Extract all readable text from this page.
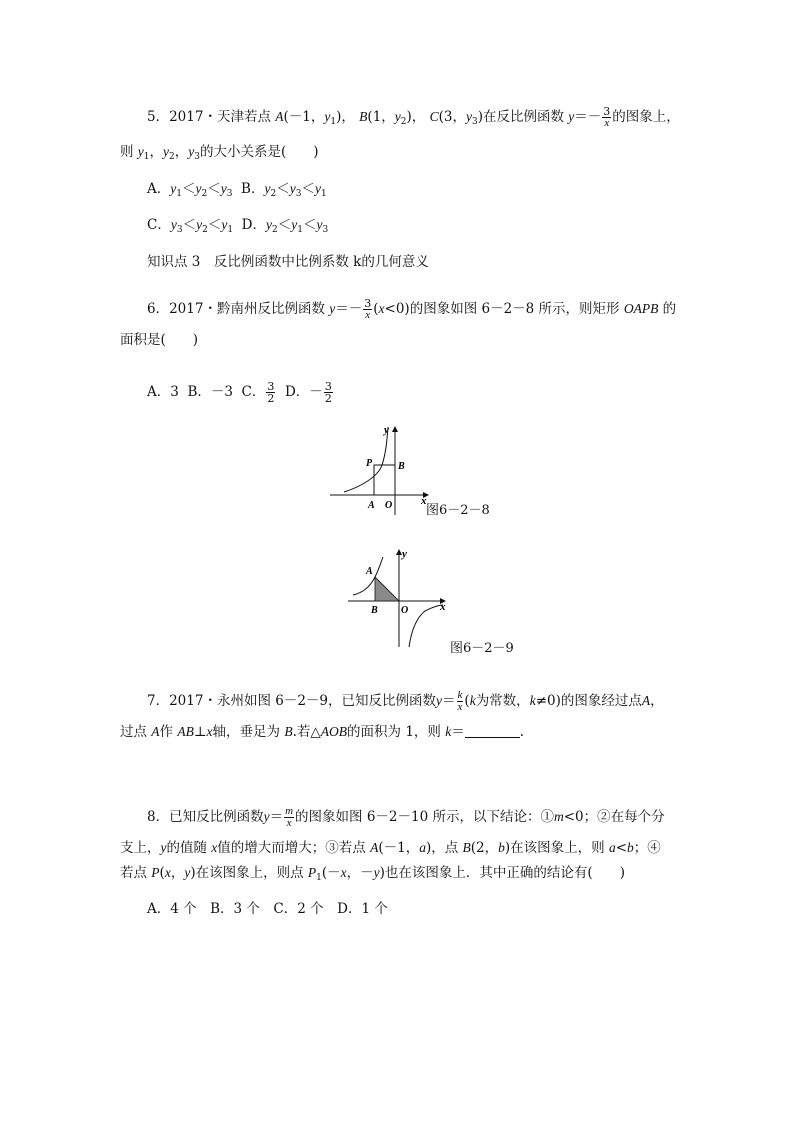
5．2017・天津若点 A(－1，$y_1$)， B(1，$y_2$)， C(3，$y_3$)在反比例函数 $y=- \frac{3}{x}$ 的图象上，
则 $y_1$，$y_2$，$y_3$的大小关系是(　　)
A．$y_1<y_2<y_3$ B．$y_2<y_3<y_1$
C．$y_3<y_2<y_1$ D．$y_2<y_1<y_3$
知识点 3　反比例函数中比例系数 k的几何意义
6．2017・黔南州反比例函数 $y=- \frac{3}{x} (x<0)$的图象如图 6－2－8 所示，则矩形 OAPB 的
面积是(　　)
A．3 B．－3 C． $\frac{3}{2}$ D．－ $\frac{3}{2}$
y
x
P	B
A O	图6－2－8
y
x
A
B O
图6－2－9
7．2017・永州如图 6－2－9，已知反比例函数$y= \frac{k}{x} (k$为常数，k≠0)的图象经过点A，
过点 A作 AB⊥x轴，垂足为 B.若△AOB的面积为 1，则 k＝	.
8．已知反比例函数$y= \frac{m}{x}$ 的图象如图 6－2－10 所示，以下结论：①m<0；②在每个分
支上，y的值随 x值的增大而增大；③若点 A(－1，a)，点 B(2，b)在该图象上，则 a<b；④
若点 P(x，y)在该图象上，则点 $P_1(-x$，－y)也在该图象上．其中正确的结论有(　　)
A．4 个　B．3 个　C．2 个　D．1 个
